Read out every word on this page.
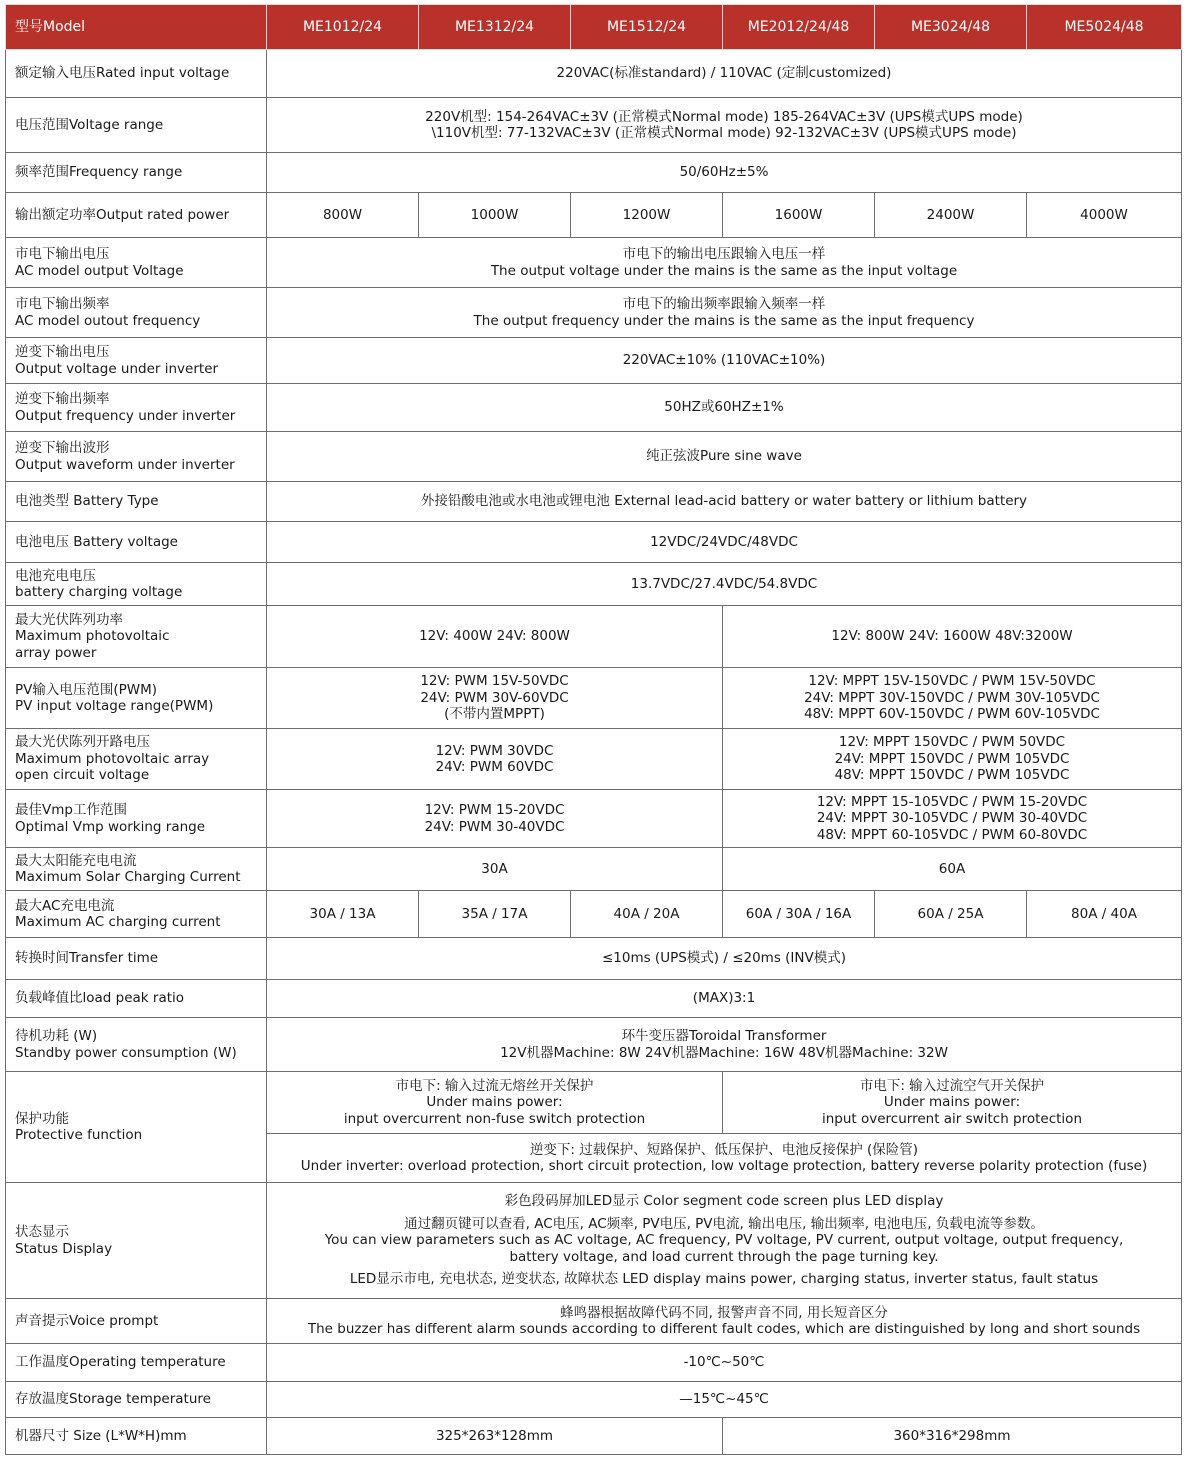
型号Model	ME1012/24	ME1312/24	ME1512/24	ME2012/24/48	ME3024/48	ME5024/48

额定输入电压Rated input voltage	220VAC(标准standard) / 110VAC (定制customized)					

电压范围Voltage range	220V机型: 154-264VAC±3V (正常模式Normal mode) 185-264VAC±3V (UPS模式UPS mode)
\110V机型: 77-132VAC±3V (正常模式Normal mode) 92-132VAC±3V (UPS模式UPS mode)					

频率范围Frequency range	50/60Hz±5%					

输出额定功率Output rated power	800W	1000W	1200W	1600W	2400W	4000W

市电下输出电压
AC model output Voltage	市电下的输出电压跟输入电压一样
The output voltage under the mains is the same as the input voltage					

市电下输出频率
AC model outout frequency	市电下的输出频率跟输入频率一样
The output frequency under the mains is the same as the input frequency					

逆变下输出电压
Output voltage under inverter	220VAC±10% (110VAC±10%)					

逆变下输出频率
Output frequency under inverter	50HZ或60HZ±1%					

逆变下输出波形
Output waveform under inverter	纯正弦波Pure sine wave					

电池类型 Battery Type	外接铅酸电池或水电池或锂电池 External lead-acid battery or water battery or lithium battery					

电池电压 Battery voltage	12VDC/24VDC/48VDC					

电池充电电压
battery charging voltage	13.7VDC/27.4VDC/54.8VDC					

最大光伏阵列功率
Maximum photovoltaic
array power	12V: 400W 24V: 800W			12V: 800W 24V: 1600W 48V:3200W		

PV输入电压范围(PWM)
PV input voltage range(PWM)	12V: PWM 15V-50VDC
24V: PWM 30V-60VDC
(不带内置MPPT)			12V: MPPT 15V-150VDC / PWM 15V-50VDC
24V: MPPT 30V-150VDC / PWM 30V-105VDC
48V: MPPT 60V-150VDC / PWM 60V-105VDC		

最大光伏陈列开路电压
Maximum photovoltaic array
open circuit voltage	12V: PWM 30VDC
24V: PWM 60VDC			12V: MPPT 150VDC / PWM 50VDC
24V: MPPT 150VDC / PWM 105VDC
48V: MPPT 150VDC / PWM 105VDC		

最佳Vmp工作范围
Optimal Vmp working range	12V: PWM 15-20VDC
24V: PWM 30-40VDC			12V: MPPT 15-105VDC / PWM 15-20VDC
24V: MPPT 30-105VDC / PWM 30-40VDC
48V: MPPT 60-105VDC / PWM 60-80VDC		

最大太阳能充电电流
Maximum Solar Charging Current	30A			60A		

最大AC充电电流
Maximum AC charging current	30A / 13A	35A / 17A	40A / 20A	60A / 30A / 16A	60A / 25A	80A / 40A

转换时间Transfer time	≤10ms (UPS模式) / ≤20ms (INV模式)					

负载峰值比load peak ratio	(MAX)3:1					

待机功耗 (W)
Standby power consumption (W)	环牛变压器Toroidal Transformer
12V机器Machine: 8W 24V机器Machine: 16W 48V机器Machine: 32W					

保护功能
Protective function	市电下: 输入过流无熔丝开关保护
Under mains power:
input overcurrent non-fuse switch protection			市电下: 输入过流空气开关保护
Under mains power:
input overcurrent air switch protection		

	逆变下: 过载保护、短路保护、低压保护、电池反接保护 (保险管)
Under inverter: overload protection, short circuit protection, low voltage protection, battery reverse polarity protection (fuse)					

状态显示
Status Display	彩色段码屏加LED显示 Color segment code screen plus LED display
通过翻页键可以查看, AC电压, AC频率, PV电压, PV电流, 输出电压, 输出频率, 电池电压, 负载电流等参数。
You can view parameters such as AC voltage, AC frequency, PV voltage, PV current, output voltage, output frequency,
battery voltage, and load current through the page turning key.
LED显示市电, 充电状态, 逆变状态, 故障状态 LED display mains power, charging status, inverter status, fault status					

声音提示Voice prompt	蜂鸣器根据故障代码不同, 报警声音不同, 用长短音区分
The buzzer has different alarm sounds according to different fault codes, which are distinguished by long and short sounds					

工作温度Operating temperature	-10℃~50℃					

存放温度Storage temperature	—15℃~45℃					

机器尺寸 Size (L*W*H)mm	325*263*128mm			360*316*298mm		
